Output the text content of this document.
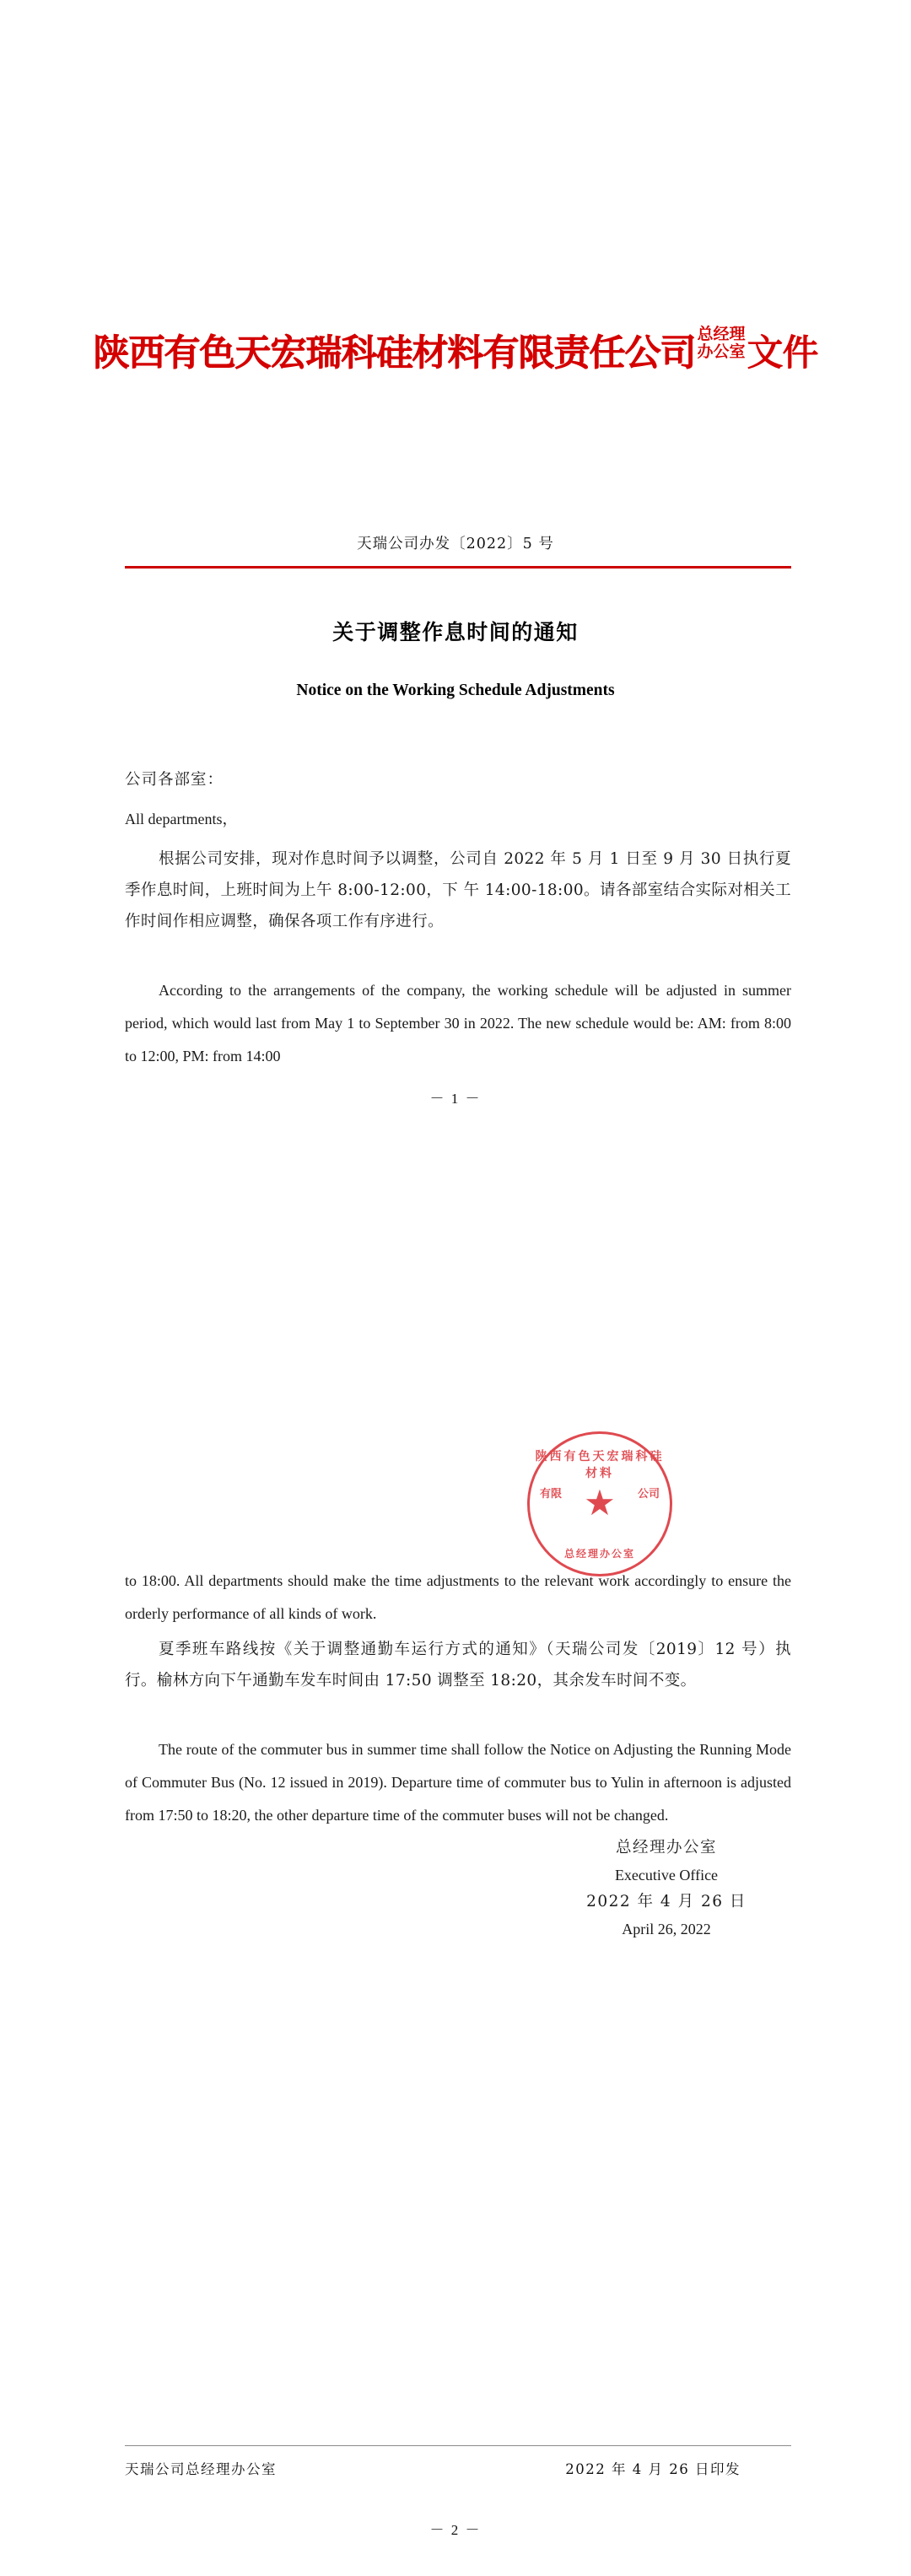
陕西有色天宏瑞科硅材料有限责任公司 总经理
办公室文件
天瑞公司办发〔2022〕5 号
关于调整作息时间的通知
Notice on the Working Schedule Adjustments
公司各部室：
All departments，
根据公司安排，现对作息时间予以调整，公司自 2022 年 5 月 1 日至 9 月 30 日执行夏季作息时间，上班时间为上午 8:00-12:00，下 午 14:00-18:00。请各部室结合实际对相关工作时间作相应调整，确保各项工作有序进行。
According to the arrangements of the company, the working schedule will be adjusted in summer period, which would last from May 1 to September 30 in 2022. The new schedule would be: AM: from 8:00 to 12:00, PM: from 14:00
－ 1 －
to 18:00. All departments should make the time adjustments to the relevant work accordingly to ensure the orderly performance of all kinds of work.
夏季班车路线按《关于调整通勤车运行方式的通知》（天瑞公司发〔2019〕12 号）执行。榆林方向下午通勤车发车时间由 17:50 调整至 18:20，其余发车时间不变。
The route of the commuter bus in summer time shall follow the Notice on Adjusting the Running Mode of Commuter Bus (No. 12 issued in 2019). Departure time of commuter bus to Yulin in afternoon is adjusted from 17:50 to 18:20, the other departure time of the commuter buses will not be changed.
总经理办公室
Executive Office
2022 年 4 月 26 日
April 26, 2022
天瑞公司总经理办公室	2022 年 4 月 26 日印发
－ 2 －
陕西有色天宏瑞科硅材料
有限	公司
★
总经理办公室
